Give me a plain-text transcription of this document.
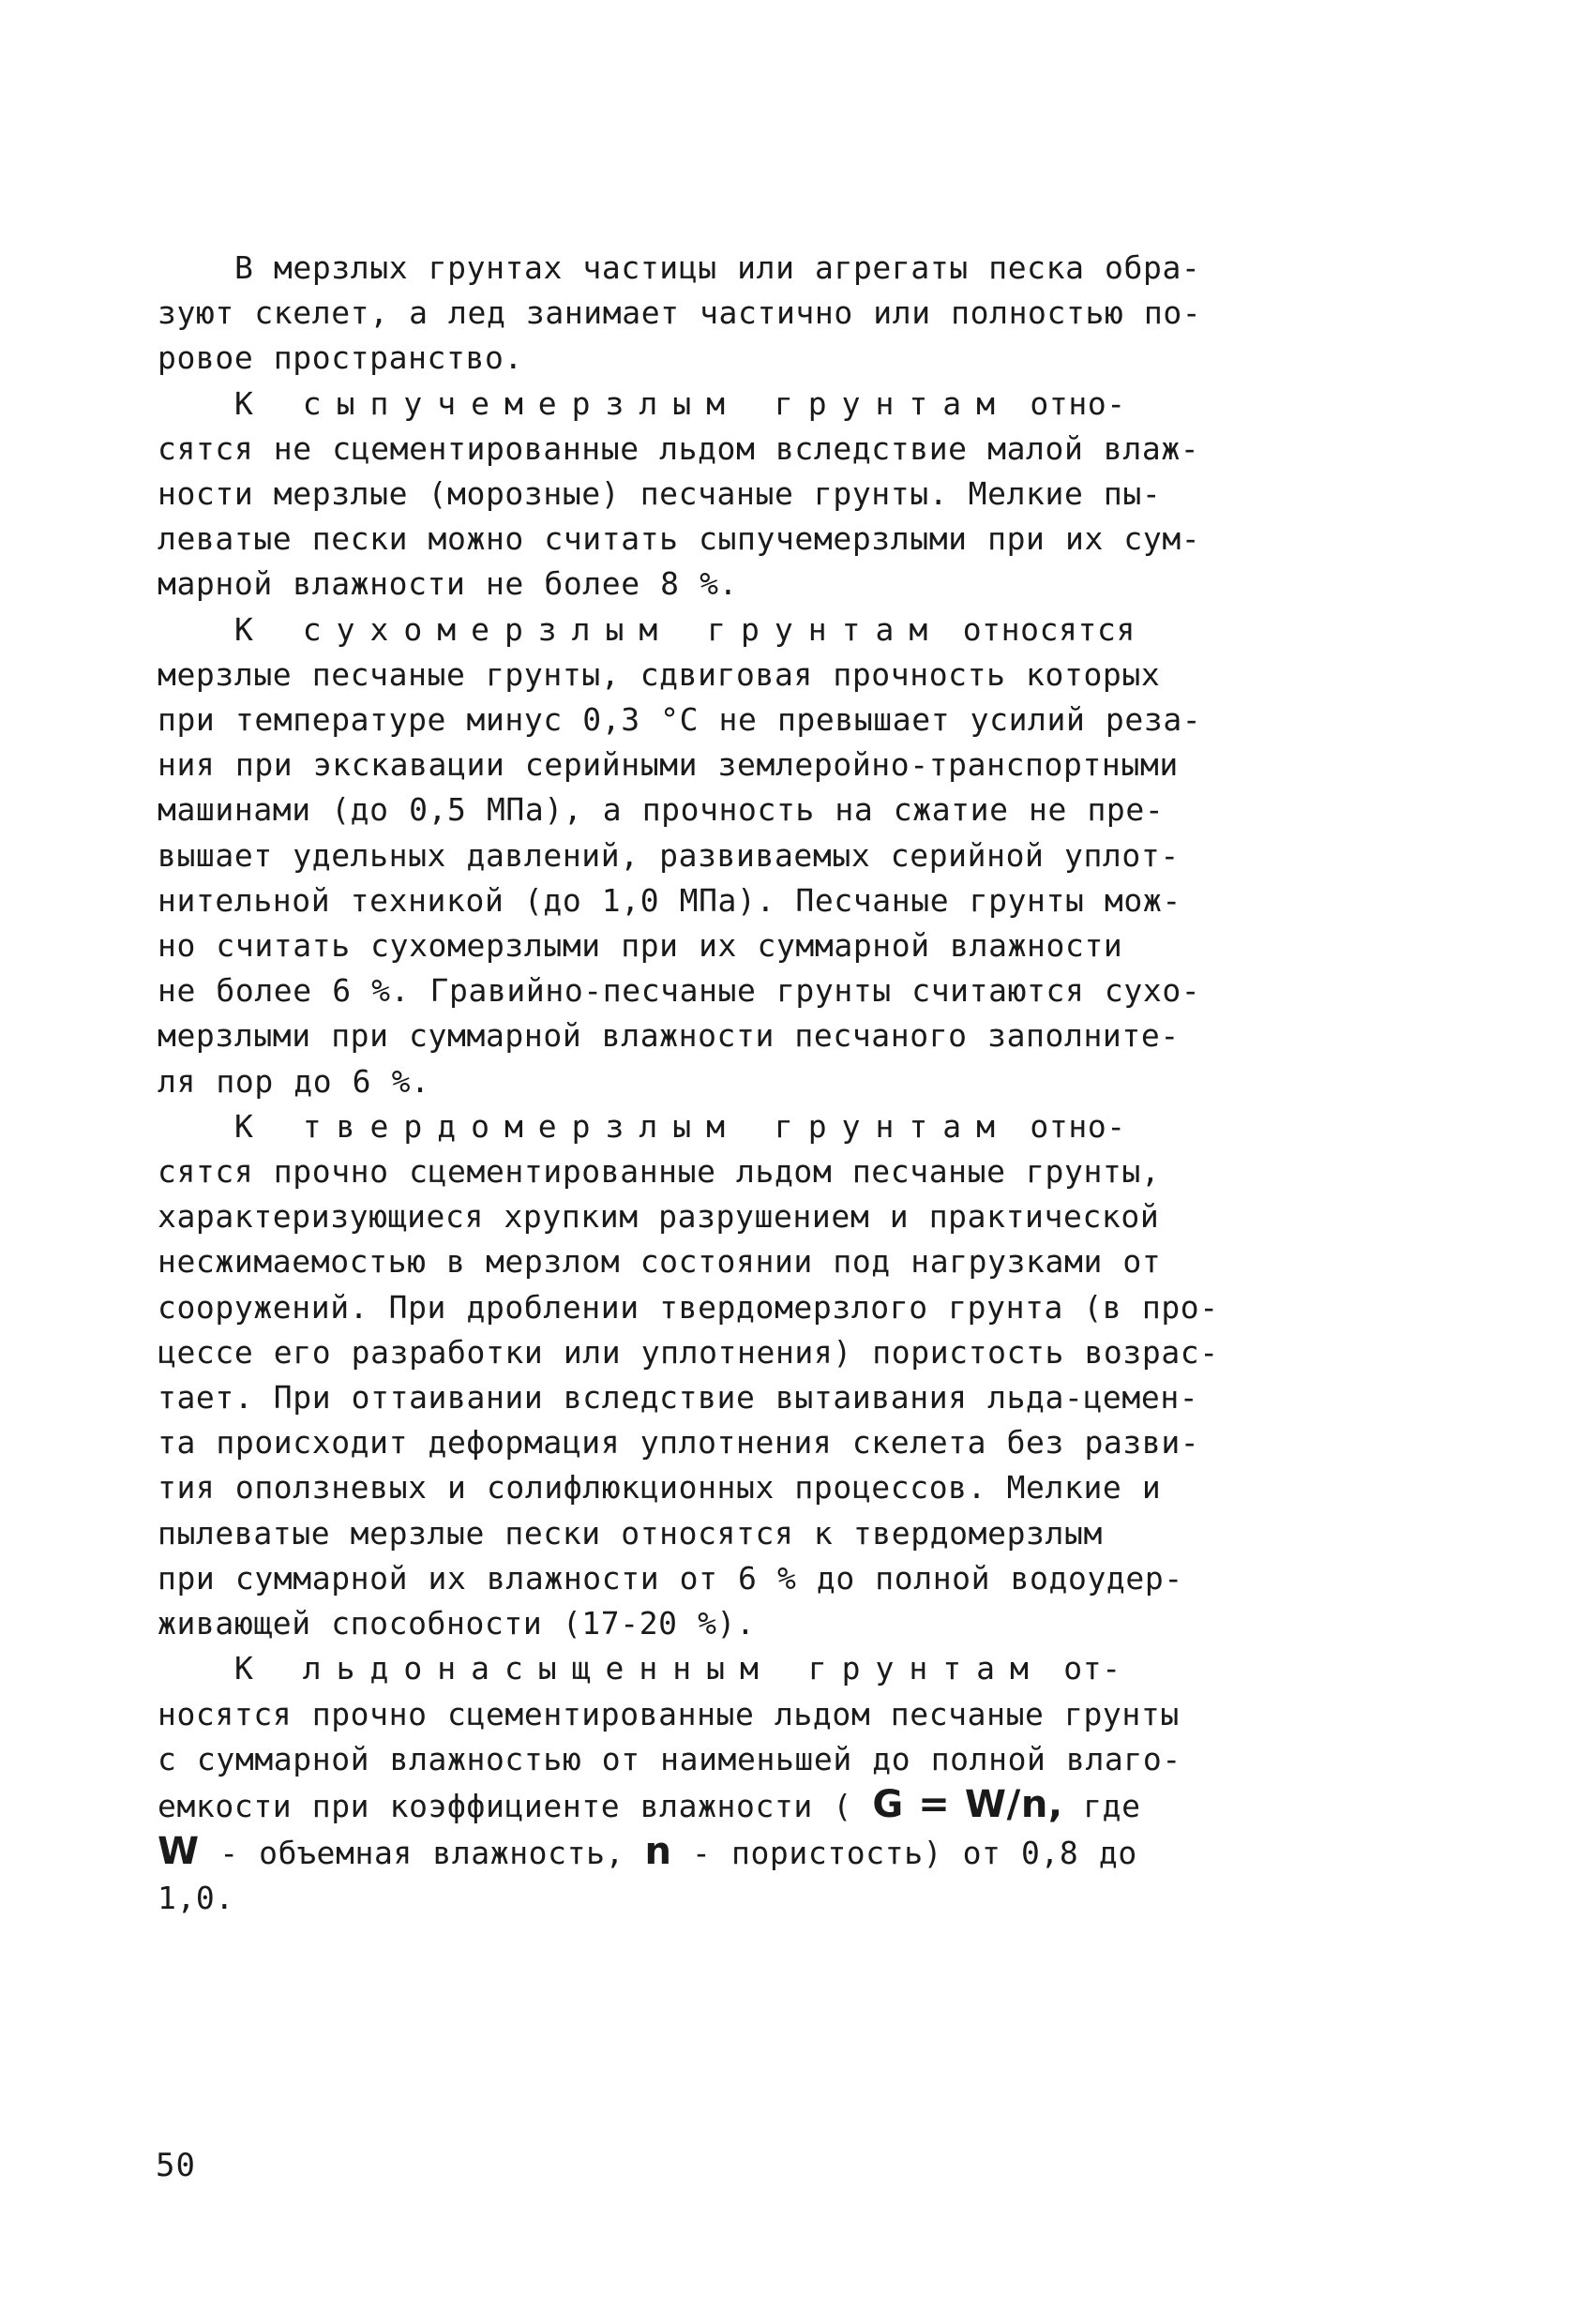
В мерзлых грунтах частицы или агрегаты песка обра-
зуют скелет, а лед занимает частично или полностью по-
ровое пространство.

К сыпучемерзлым грунтам отно-
сятся не сцементированные льдом вследствие малой влаж-
ности мерзлые (морозные) песчаные грунты. Мелкие пы-
леватые пески можно считать сыпучемерзлыми при их сум-
марной влажности не более 8 %.

К сухомерзлым грунтам относятся
мерзлые песчаные грунты, сдвиговая прочность которых
при температуре минус 0,3 °С не превышает усилий реза-
ния при экскавации серийными землеройно-транспортными
машинами (до 0,5 МПа), а прочность на сжатие не пре-
вышает удельных давлений, развиваемых серийной уплот-
нительной техникой (до 1,0 МПа). Песчаные грунты мож-
но считать сухомерзлыми при их суммарной влажности
не более 6 %. Гравийно-песчаные грунты считаются сухо-
мерзлыми при суммарной влажности песчаного заполните-
ля пор до 6 %.

К твердомерзлым грунтам отно-
сятся прочно сцементированные льдом песчаные грунты,
характеризующиеся хрупким разрушением и практической
несжимаемостью в мерзлом состоянии под нагрузками от
сооружений. При дроблении твердомерзлого грунта (в про-
цессе его разработки или уплотнения) пористость возрас-
тает. При оттаивании вследствие вытаивания льда-цемен-
та происходит деформация уплотнения скелета без разви-
тия оползневых и солифлюкционных процессов. Мелкие и
пылеватые мерзлые пески относятся к твердомерзлым
при суммарной их влажности от 6 % до полной водоудер-
живающей способности (17-20 %).

К льдонасыщенным грунтам от-
носятся прочно сцементированные льдом песчаные грунты
с суммарной влажностью от наименьшей до полной влаго-
емкости при коэффициенте влажности ( G = W/n, где
W - объемная влажность, n - пористость) от 0,8 до
1,0.

50
